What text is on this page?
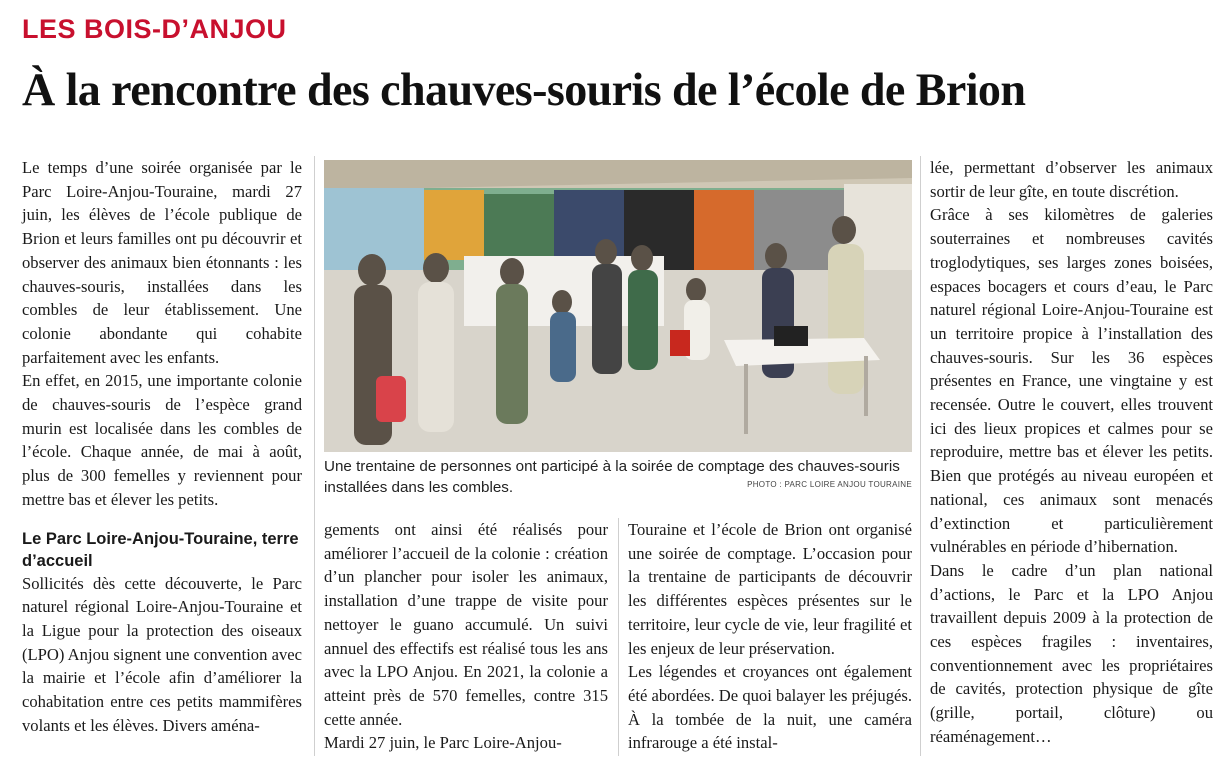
LES BOIS-D’ANJOU
À la rencontre des chauves-souris de l’école de Brion

Le temps d’une soirée organisée par le Parc Loire-Anjou-Touraine, mardi 27 juin, les élèves de l’école publique de Brion et leurs familles ont pu découvrir et observer des animaux bien étonnants : les chauves-souris, installées dans les combles de leur établissement. Une colonie abondante qui cohabite parfaitement avec les enfants.

En effet, en 2015, une importante colonie de chauves-souris de l’espèce grand murin est localisée dans les combles de l’école. Chaque année, de mai à août, plus de 300 femelles y reviennent pour mettre bas et élever les petits.

Le Parc Loire-Anjou-Touraine, terre d’accueil

Sollicités dès cette découverte, le Parc naturel régional Loire-Anjou-Touraine et la Ligue pour la protection des oiseaux (LPO) Anjou signent une convention avec la mairie et l’école afin d’améliorer la cohabitation entre ces petits mammifères volants et les élèves. Divers aména-

Une trentaine de personnes ont participé à la soirée de comptage des chauves-souris installées dans les combles.	PHOTO : PARC LOIRE ANJOU TOURAINE

gements ont ainsi été réalisés pour améliorer l’accueil de la colonie : création d’un plancher pour isoler les animaux, installation d’une trappe de visite pour nettoyer le guano accumulé. Un suivi annuel des effectifs est réalisé tous les ans avec la LPO Anjou. En 2021, la colonie a atteint près de 570 femelles, contre 315 cette année.

Mardi 27 juin, le Parc Loire-Anjou-

Touraine et l’école de Brion ont organisé une soirée de comptage. L’occasion pour la trentaine de participants de découvrir les différentes espèces présentes sur le territoire, leur cycle de vie, leur fragilité et les enjeux de leur préservation.

Les légendes et croyances ont également été abordées. De quoi balayer les préjugés. À la tombée de la nuit, une caméra infrarouge a été instal-

lée, permettant d’observer les animaux sortir de leur gîte, en toute discrétion.

Grâce à ses kilomètres de galeries souterraines et nombreuses cavités troglodytiques, ses larges zones boisées, espaces bocagers et cours d’eau, le Parc naturel régional Loire-Anjou-Touraine est un territoire propice à l’installation des chauves-souris. Sur les 36 espèces présentes en France, une vingtaine y est recensée. Outre le couvert, elles trouvent ici des lieux propices et calmes pour se reproduire, mettre bas et élever les petits. Bien que protégés au niveau européen et national, ces animaux sont menacés d’extinction et particulièrement vulnérables en période d’hibernation.

Dans le cadre d’un plan national d’actions, le Parc et la LPO Anjou travaillent depuis 2009 à la protection de ces espèces fragiles : inventaires, conventionnement avec les propriétaires de cavités, protection physique de gîte (grille, portail, clôture) ou réaménagement…
